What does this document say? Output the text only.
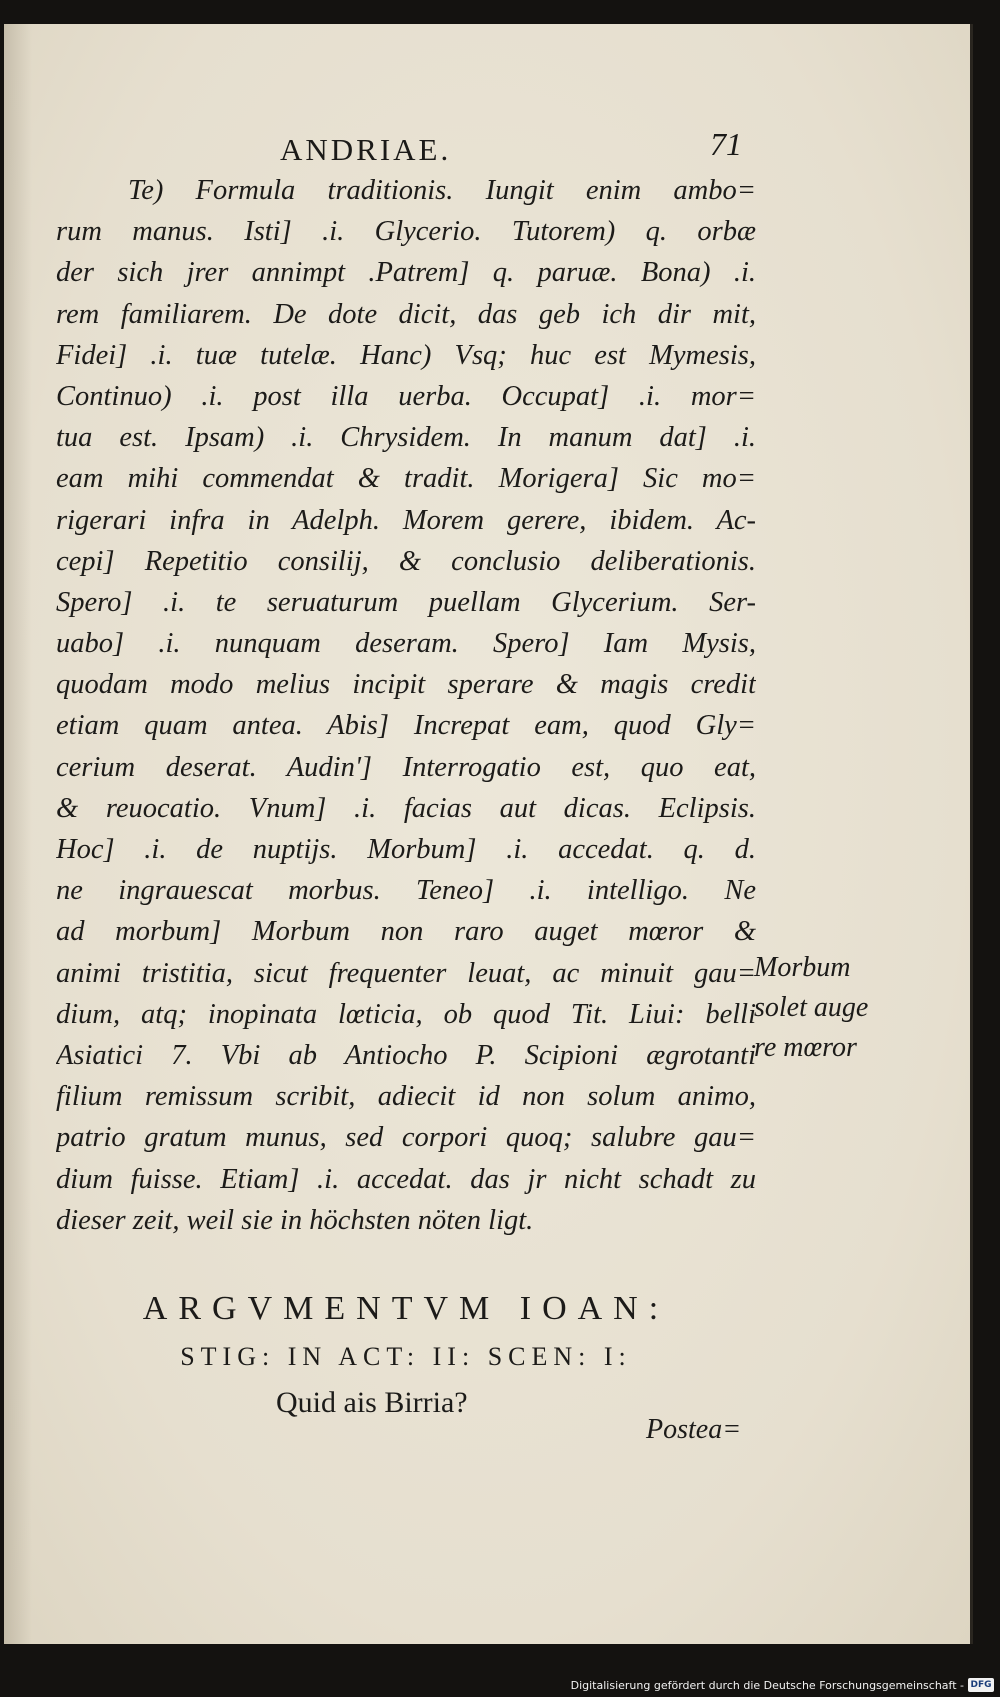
ANDRIAE.	71
Te) Formula traditionis. Iungit enim ambo=
rum manus. Isti] .i. Glycerio. Tutorem) q. orbæ
der sich jrer annimpt .Patrem] q. paruæ. Bona) .i.
rem familiarem. De dote dicit, das geb ich dir mit,
Fidei] .i. tuæ tutelæ. Hanc) Vsq; huc est Mymesis,
Continuo) .i. post illa uerba. Occupat] .i. mor=
tua est. Ipsam) .i. Chrysidem. In manum dat] .i.
eam mihi commendat & tradit. Morigera] Sic mo=
rigerari infra in Adelph. Morem gerere, ibidem. Ac-
cepi] Repetitio consilij, & conclusio deliberationis.
Spero] .i. te seruaturum puellam Glycerium. Ser-
uabo] .i. nunquam deseram. Spero] Iam Mysis,
quodam modo melius incipit sperare & magis credit
etiam quam antea. Abis] Increpat eam, quod Gly=
cerium deserat. Audin'] Interrogatio est, quo eat,
& reuocatio. Vnum] .i. facias aut dicas. Eclipsis.
Hoc] .i. de nuptijs. Morbum] .i. accedat. q. d.
ne ingrauescat morbus. Teneo] .i. intelligo. Ne
ad morbum] Morbum non raro auget mœror &
animi tristitia, sicut frequenter leuat, ac minuit gau=
dium, atq; inopinata lœticia, ob quod Tit. Liui: belli
Asiatici 7. Vbi ab Antiocho P. Scipioni ægrotanti
filium remissum scribit, adiecit id non solum animo,
patrio gratum munus, sed corpori quoq; salubre gau=
dium fuisse. Etiam] .i. accedat. das jr nicht schadt zu
dieser zeit, weil sie in höchsten nöten ligt.
Morbum
solet auge
re mœror
ARGVMENTVM IOAN:
STIG: IN ACT: II: SCEN: I:
Quid ais Birria?
Postea=
Digitalisierung gefördert durch die Deutsche Forschungsgemeinschaft - DFG
